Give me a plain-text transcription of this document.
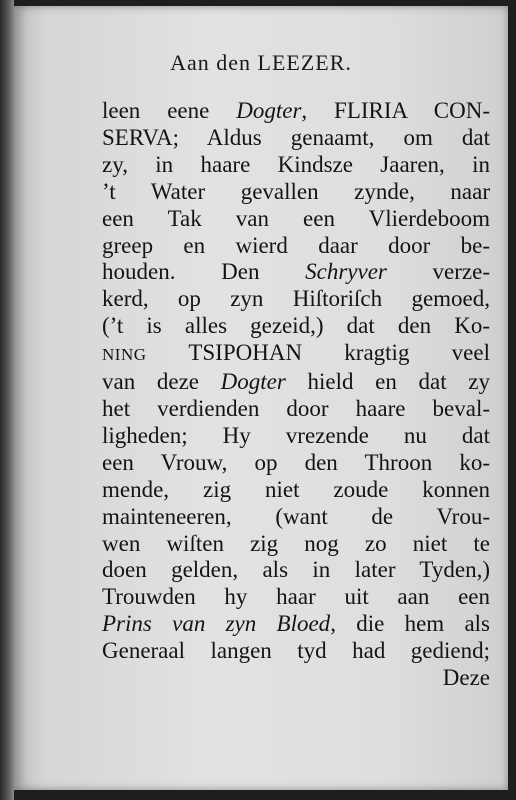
Aan den LEEZER.
leen eene Dogter, FLIRIA CON-
SERVA; Aldus genaamt, om dat
zy, in haare Kindsze Jaaren, in
’t Water gevallen zynde, naar
een Tak van een Vlierdeboom
greep en wierd daar door be-
houden. Den Schryver verze-
kerd, op zyn Hiſtoriſch gemoed,
(’t is alles gezeid,) dat den Ko-
NING TSIPOHAN kragtig veel
van deze Dogter hield en dat zy
het verdienden door haare beval-
ligheden; Hy vrezende nu dat
een Vrouw, op den Throon ko-
mende, zig niet zoude konnen
mainteneeren, (want de Vrou-
wen wiſten zig nog zo niet te
doen gelden, als in later Tyden,)
Trouwden hy haar uit aan een
Prins van zyn Bloed, die hem als
Generaal langen tyd had gediend;
Deze
